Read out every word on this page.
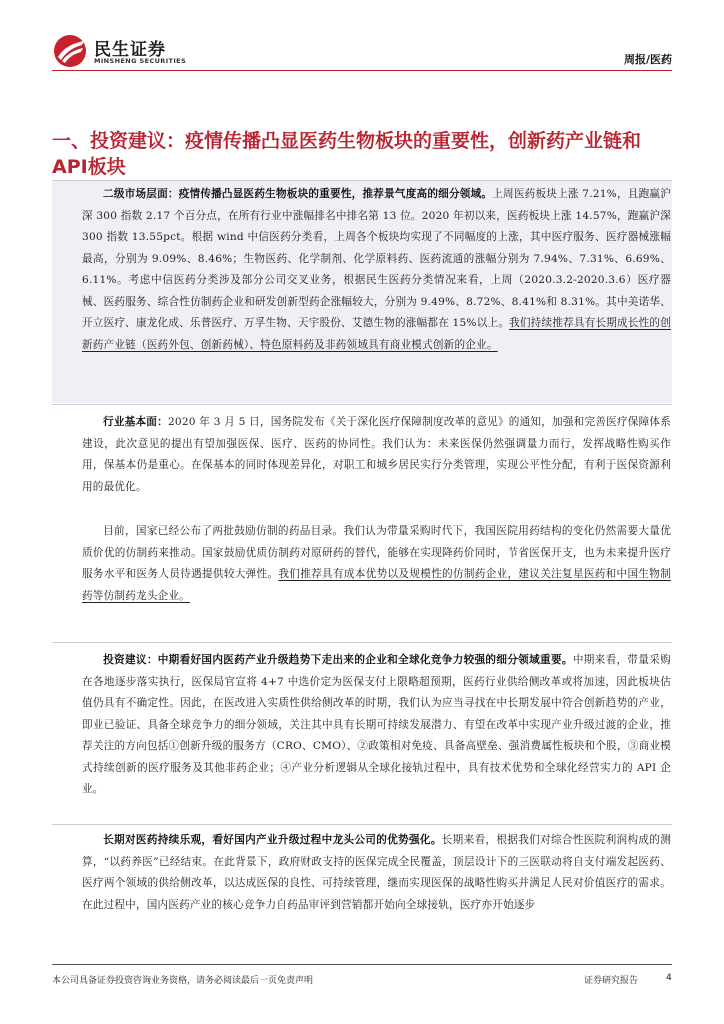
民生证券
MINSHENG SECURITIES	周报/医药
一、投资建议：疫情传播凸显医药生物板块的重要性，创新药产业链和API板块
二级市场层面：疫情传播凸显医药生物板块的重要性，推荐景气度高的细分领域。上周医药板块上涨 7.21%，且跑赢沪深 300 指数 2.17 个百分点，在所有行业中涨幅排名中排名第 13 位。2020 年初以来，医药板块上涨 14.57%，跑赢沪深 300 指数 13.55pct。根据 wind 中信医药分类看，上周各个板块均实现了不同幅度的上涨，其中医疗服务、医疗器械涨幅最高，分别为 9.09%、8.46%；生物医药、化学制剂、化学原料药、医药流通的涨幅分别为 7.94%、7.31%、6.69%、6.11%。考虑中信医药分类涉及部分公司交叉业务，根据民生医药分类情况来看，上周（2020.3.2-2020.3.6）医疗器械、医药服务、综合性仿制药企业和研发创新型药企涨幅较大，分别为 9.49%、8.72%、8.41%和 8.31%。其中美诺华、开立医疗、康龙化成、乐普医疗、万孚生物、天宇股份、艾德生物的涨幅都在 15%以上。我们持续推荐具有长期成长性的创新药产业链（医药外包、创新药械）、特色原料药及非药领域具有商业模式创新的企业。
行业基本面：2020 年 3 月 5 日，国务院发布《关于深化医疗保障制度改革的意见》的通知，加强和完善医疗保障体系建设，此次意见的提出有望加强医保、医疗、医药的协同性。我们认为：未来医保仍然强调量力而行，发挥战略性购买作用，保基本仍是重心。在保基本的同时体现差异化，对职工和城乡居民实行分类管理，实现公平性分配，有利于医保资源利用的最优化。
目前，国家已经公布了两批鼓励仿制的药品目录。我们认为带量采购时代下，我国医院用药结构的变化仍然需要大量优质价优的仿制药来推动。国家鼓励优质仿制药对原研药的替代，能够在实现降药价同时，节省医保开支，也为未来提升医疗服务水平和医务人员待遇提供较大弹性。我们推荐具有成本优势以及规模性的仿制药企业，建议关注复星医药和中国生物制药等仿制药龙头企业。
投资建议：中期看好国内医药产业升级趋势下走出来的企业和全球化竞争力较强的细分领域重要。中期来看，带量采购在各地逐步落实执行，医保局官宣将 4+7 中选价定为医保支付上限略超预期，医药行业供给侧改革或将加速，因此板块估值仍具有不确定性。因此，在医改进入实质性供给侧改革的时期，我们认为应当寻找在中长期发展中符合创新趋势的产业，即业已验证、具备全球竞争力的细分领域，关注其中具有长期可持续发展潜力、有望在改革中实现产业升级过渡的企业，推荐关注的方向包括①创新升级的服务方（CRO、CMO）、②政策相对免疫、具备高壁垒、强消费属性板块和个股，③商业模式持续创新的医疗服务及其他非药企业；④产业分析逻辑从全球化接轨过程中，具有技术优势和全球化经营实力的 API 企业。
长期对医药持续乐观，看好国内产业升级过程中龙头公司的优势强化。长期来看，根据我们对综合性医院利润构成的测算，“以药养医”已经结束。在此背景下，政府财政支持的医保完成全民覆盖，顶层设计下的三医联动将自支付端发起医药、医疗两个领域的供给侧改革，以达成医保的良性、可持续管理，继而实现医保的战略性购买并满足人民对价值医疗的需求。在此过程中，国内医药产业的核心竞争力自药品审评到营销都开始向全球接轨，医疗亦开始逐步
本公司具备证券投资咨询业务资格，请务必阅读最后一页免责声明	证券研究报告	4
